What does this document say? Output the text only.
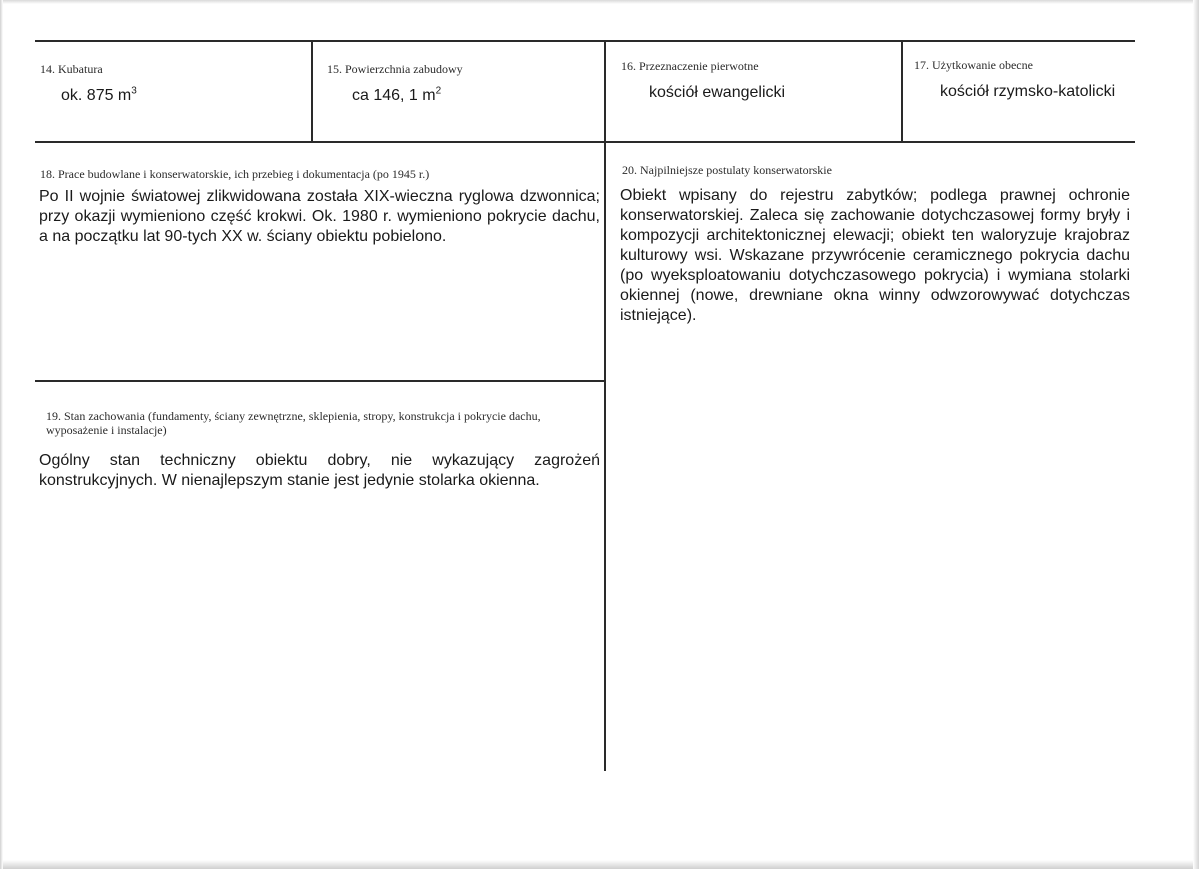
14. Kubatura
ok. 875 $m^3$
15. Powierzchnia zabudowy
ca 146, 1 $m^2$
16. Przeznaczenie pierwotne
kościół ewangelicki
17. Użytkowanie obecne
kościół rzymsko-katolicki
18. Prace budowlane i konserwatorskie, ich przebieg i dokumentacja (po 1945 r.)
Po II wojnie światowej zlikwidowana została XIX-wieczna ryglowa dzwonnica; przy okazji wymieniono część krokwi. Ok. 1980 r. wymieniono pokrycie dachu, a na początku lat 90-tych XX w. ściany obiektu pobielono.
19. Stan zachowania (fundamenty, ściany zewnętrzne, sklepienia, stropy, konstrukcja i pokrycie dachu, wyposażenie i instalacje)
Ogólny stan techniczny obiektu dobry, nie wykazujący zagrożeń konstrukcyjnych. W nienajlepszym stanie jest jedynie stolarka okienna.
20. Najpilniejsze postulaty konserwatorskie
Obiekt wpisany do rejestru zabytków; podlega prawnej ochronie konserwatorskiej. Zaleca się zachowanie dotychczasowej formy bryły i kompozycji architektonicznej elewacji; obiekt ten waloryzuje krajobraz kulturowy wsi. Wskazane przywrócenie ceramicznego pokrycia dachu (po wyeksploatowaniu dotychczasowego pokrycia) i wymiana stolarki okiennej (nowe, drewniane okna winny odwzorowywać dotychczas istniejące).
